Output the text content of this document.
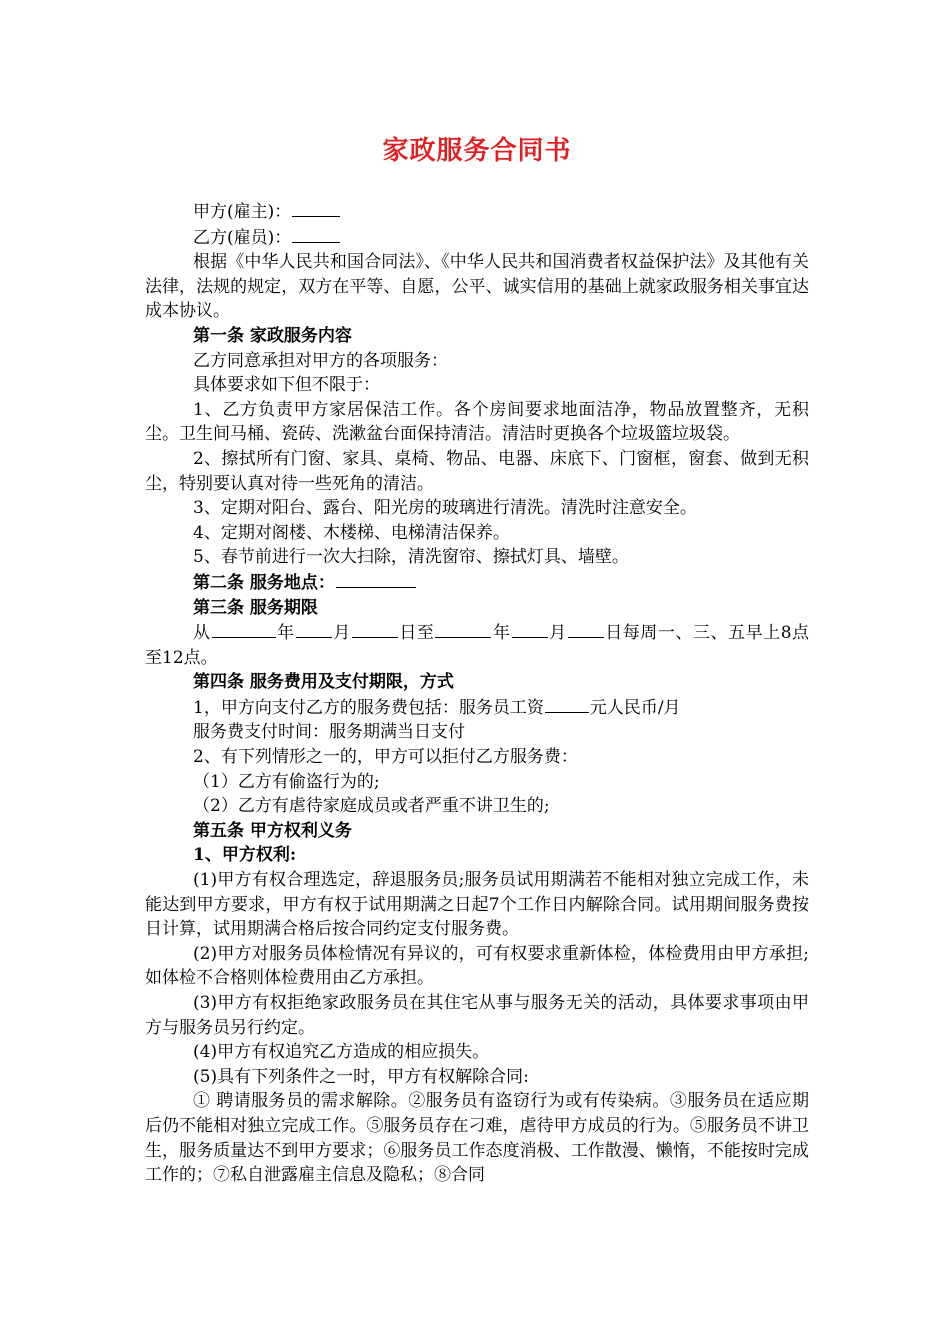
家政服务合同书

甲方(雇主)：

乙方(雇员)：

根据《中华人民共和国合同法》、《中华人民共和国消费者权益保护法》及其他有关法律，法规的规定，双方在平等、自愿，公平、诚实信用的基础上就家政服务相关事宜达成本协议。

第一条 家政服务内容

乙方同意承担对甲方的各项服务：

具体要求如下但不限于：

1、乙方负责甲方家居保洁工作。各个房间要求地面洁净，物品放置整齐，无积尘。卫生间马桶、瓷砖、洗漱盆台面保持清洁。清洁时更换各个垃圾篮垃圾袋。

2、擦拭所有门窗、家具、桌椅、物品、电器、床底下、门窗框，窗套、做到无积尘，特别要认真对待一些死角的清洁。

3、定期对阳台、露台、阳光房的玻璃进行清洗。清洗时注意安全。

4、定期对阁楼、木楼梯、电梯清洁保养。

5、春节前进行一次大扫除，清洗窗帘、擦拭灯具、墙壁。

第二条 服务地点：

第三条 服务期限

从	年 月	日至	年 月 日每周一、三、五早上8点至12点。

第四条 服务费用及支付期限，方式

1，甲方向支付乙方的服务费包括：服务员工资	元人民币/月

服务费支付时间：服务期满当日支付

2、有下列情形之一的，甲方可以拒付乙方服务费：

（1）乙方有偷盗行为的;

（2）乙方有虐待家庭成员或者严重不讲卫生的;

第五条 甲方权利义务

1、甲方权利:

(1)甲方有权合理选定，辞退服务员;服务员试用期满若不能相对独立完成工作，未能达到甲方要求，甲方有权于试用期满之日起7个工作日内解除合同。试用期间服务费按日计算，试用期满合格后按合同约定支付服务费。

(2)甲方对服务员体检情况有异议的，可有权要求重新体检，体检费用由甲方承担;如体检不合格则体检费用由乙方承担。

(3)甲方有权拒绝家政服务员在其住宅从事与服务无关的活动，具体要求事项由甲方与服务员另行约定。

(4)甲方有权追究乙方造成的相应损失。

(5)具有下列条件之一时，甲方有权解除合同:

① 聘请服务员的需求解除。②服务员有盗窃行为或有传染病。③服务员在适应期后仍不能相对独立完成工作。⑤服务员存在刁难，虐待甲方成员的行为。⑤服务员不讲卫生，服务质量达不到甲方要求；⑥服务员工作态度消极、工作散漫、懒惰，不能按时完成工作的；⑦私自泄露雇主信息及隐私；⑧合同
